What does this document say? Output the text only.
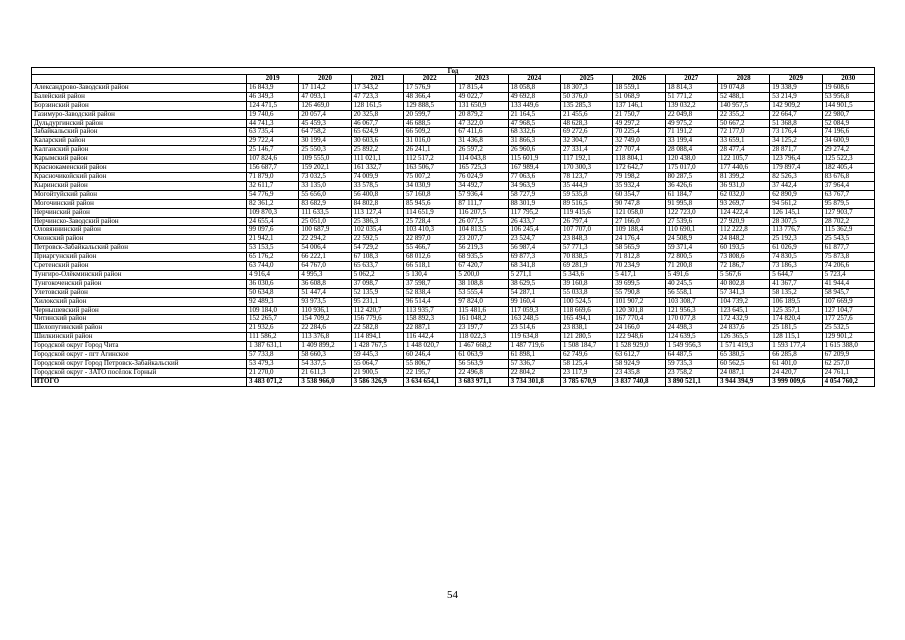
Год												
	2019	2020	2021	2022	2023	2024	2025	2026	2027	2028	2029	2030
Александрово-Заводский район	16 843,9	17 114,2	17 343,2	17 576,9	17 815,4	18 058,8	18 307,3	18 559,1	18 814,3	19 074,8	19 338,9	19 608,6
Балейский район	46 349,3	47 093,1	47 723,3	48 366,4	49 022,7	49 692,8	50 376,0	51 068,9	51 771,2	52 488,1	53 214,9	53 956,8
Борзинский район	124 471,5	126 469,0	128 161,5	129 888,5	131 650,9	133 449,6	135 285,3	137 146,1	139 032,2	140 957,5	142 909,2	144 901,5
Газимуро-Заводский район	19 740,6	20 057,4	20 325,8	20 599,7	20 879,2	21 164,5	21 455,6	21 750,7	22 049,8	22 355,2	22 664,7	22 980,7
Дульдургинский район	44 741,3	45 459,3	46 067,7	46 688,5	47 322,0	47 968,5	48 628,3	49 297,2	49 975,2	50 667,2	51 368,8	52 084,9
Забайкальский район	63 735,4	64 758,2	65 624,9	66 509,2	67 411,6	68 332,6	69 272,6	70 225,4	71 191,2	72 177,0	73 176,4	74 196,6
Каларский район	29 722,4	30 199,4	30 603,6	31 016,0	31 436,8	31 866,3	32 304,7	32 749,0	33 199,4	33 659,1	34 125,2	34 600,9
Калганский район	25 146,7	25 550,3	25 892,2	26 241,1	26 597,2	26 960,6	27 331,4	27 707,4	28 088,4	28 477,4	28 871,7	29 274,2
Карымский район	107 824,6	109 555,0	111 021,1	112 517,2	114 043,8	115 601,9	117 192,1	118 804,1	120 438,0	122 105,7	123 796,4	125 522,3
Краснокаменский район	156 687,7	159 202,1	161 332,7	163 506,7	165 725,3	167 989,4	170 300,3	172 642,7	175 017,0	177 440,6	179 897,4	182 405,4
Красночикойский район	71 879,0	73 032,5	74 009,9	75 007,2	76 024,9	77 063,6	78 123,7	79 198,2	80 287,5	81 399,2	82 526,3	83 676,8
Кыринский район	32 611,7	33 135,0	33 578,5	34 030,9	34 492,7	34 963,9	35 444,9	35 932,4	36 426,6	36 931,0	37 442,4	37 964,4
Могойтуйский район	54 776,9	55 656,0	56 400,8	57 160,8	57 936,4	58 727,9	59 535,8	60 354,7	61 184,7	62 032,0	62 890,9	63 767,7
Могочинский район	82 361,2	83 682,9	84 802,8	85 945,6	87 111,7	88 301,9	89 516,5	90 747,8	91 995,8	93 269,7	94 561,2	95 879,5
Нерчинский район	109 870,3	111 633,5	113 127,4	114 651,9	116 207,5	117 795,2	119 415,6	121 058,0	122 723,0	124 422,4	126 145,1	127 903,7
Нерчинско-Заводский район	24 655,4	25 051,0	25 386,3	25 728,4	26 077,5	26 433,7	26 797,4	27 166,0	27 539,6	27 920,9	28 307,5	28 702,2
Оловяннинский район	99 097,6	100 687,9	102 035,4	103 410,3	104 813,5	106 245,4	107 707,0	109 188,4	110 690,1	112 222,8	113 776,7	115 362,9
Ононский район	21 942,1	22 294,2	22 592,5	22 897,0	23 207,7	23 524,7	23 848,3	24 176,4	24 508,9	24 848,2	25 192,3	25 543,5
Петровск-Забайкальский район	53 153,5	54 006,4	54 729,2	55 466,7	56 219,3	56 987,4	57 771,3	58 565,9	59 371,4	60 193,5	61 026,9	61 877,7
Приаргунский район	65 176,2	66 222,1	67 108,3	68 012,6	68 935,5	69 877,3	70 838,5	71 812,8	72 800,5	73 808,6	74 830,5	75 873,8
Сретенский район	63 744,0	64 767,0	65 633,7	66 518,1	67 420,7	68 341,8	69 281,9	70 234,9	71 200,8	72 186,7	73 186,3	74 206,6
Тунгиро-Олёкминский район	4 916,4	4 995,3	5 062,2	5 130,4	5 200,0	5 271,1	5 343,6	5 417,1	5 491,6	5 567,6	5 644,7	5 723,4
Тунгокоченский район	36 030,6	36 608,8	37 098,7	37 598,7	38 108,8	38 629,5	39 160,8	39 699,5	40 245,5	40 802,8	41 367,7	41 944,4
Улетовский район	50 634,8	51 447,4	52 135,9	52 838,4	53 555,4	54 287,1	55 033,8	55 790,8	56 558,1	57 341,3	58 135,2	58 945,7
Хилокский район	92 489,3	93 973,5	95 231,1	96 514,4	97 824,0	99 160,4	100 524,5	101 907,2	103 308,7	104 739,2	106 189,5	107 669,9
Чернышевский район	109 184,0	110 936,1	112 420,7	113 935,7	115 481,6	117 059,3	118 669,6	120 301,8	121 956,3	123 645,1	125 357,1	127 104,7
Читинский район	152 265,7	154 709,2	156 779,6	158 892,3	161 048,2	163 248,5	165 494,1	167 770,4	170 077,8	172 432,9	174 820,4	177 257,6
Шелопугинский район	21 932,6	22 284,6	22 582,8	22 887,1	23 197,7	23 514,6	23 838,1	24 166,0	24 498,3	24 837,6	25 181,5	25 532,5
Шилкинский район	111 586,2	113 376,8	114 894,1	116 442,4	118 022,3	119 634,8	121 280,5	122 948,6	124 639,5	126 365,5	128 115,1	129 901,2
Городской округ Город Чита	1 387 631,1	1 409 899,2	1 428 767,5	1 448 020,7	1 467 668,2	1 487 719,6	1 508 184,7	1 528 929,0	1 549 956,3	1 571 419,3	1 593 177,4	1 615 388,0
Городской округ - пгт Агинское	57 733,8	58 660,3	59 445,3	60 246,4	61 063,9	61 898,1	62 749,6	63 612,7	64 487,5	65 380,5	66 285,8	67 209,9
Городской округ Город Петровск-Забайкальский	53 479,3	54 337,5	55 064,7	55 806,7	56 563,9	57 336,7	58 125,4	58 924,9	59 735,3	60 562,5	61 401,0	62 257,0
Городской округ - ЗАТО посёлок Горный	21 270,0	21 611,3	21 900,5	22 195,7	22 496,8	22 804,2	23 117,9	23 435,8	23 758,2	24 087,1	24 420,7	24 761,1
ИТОГО	3 483 071,2	3 538 966,0	3 586 326,9	3 634 654,1	3 683 971,1	3 734 301,8	3 785 670,9	3 837 740,8	3 890 521,1	3 944 394,9	3 999 009,6	4 054 760,2
54
